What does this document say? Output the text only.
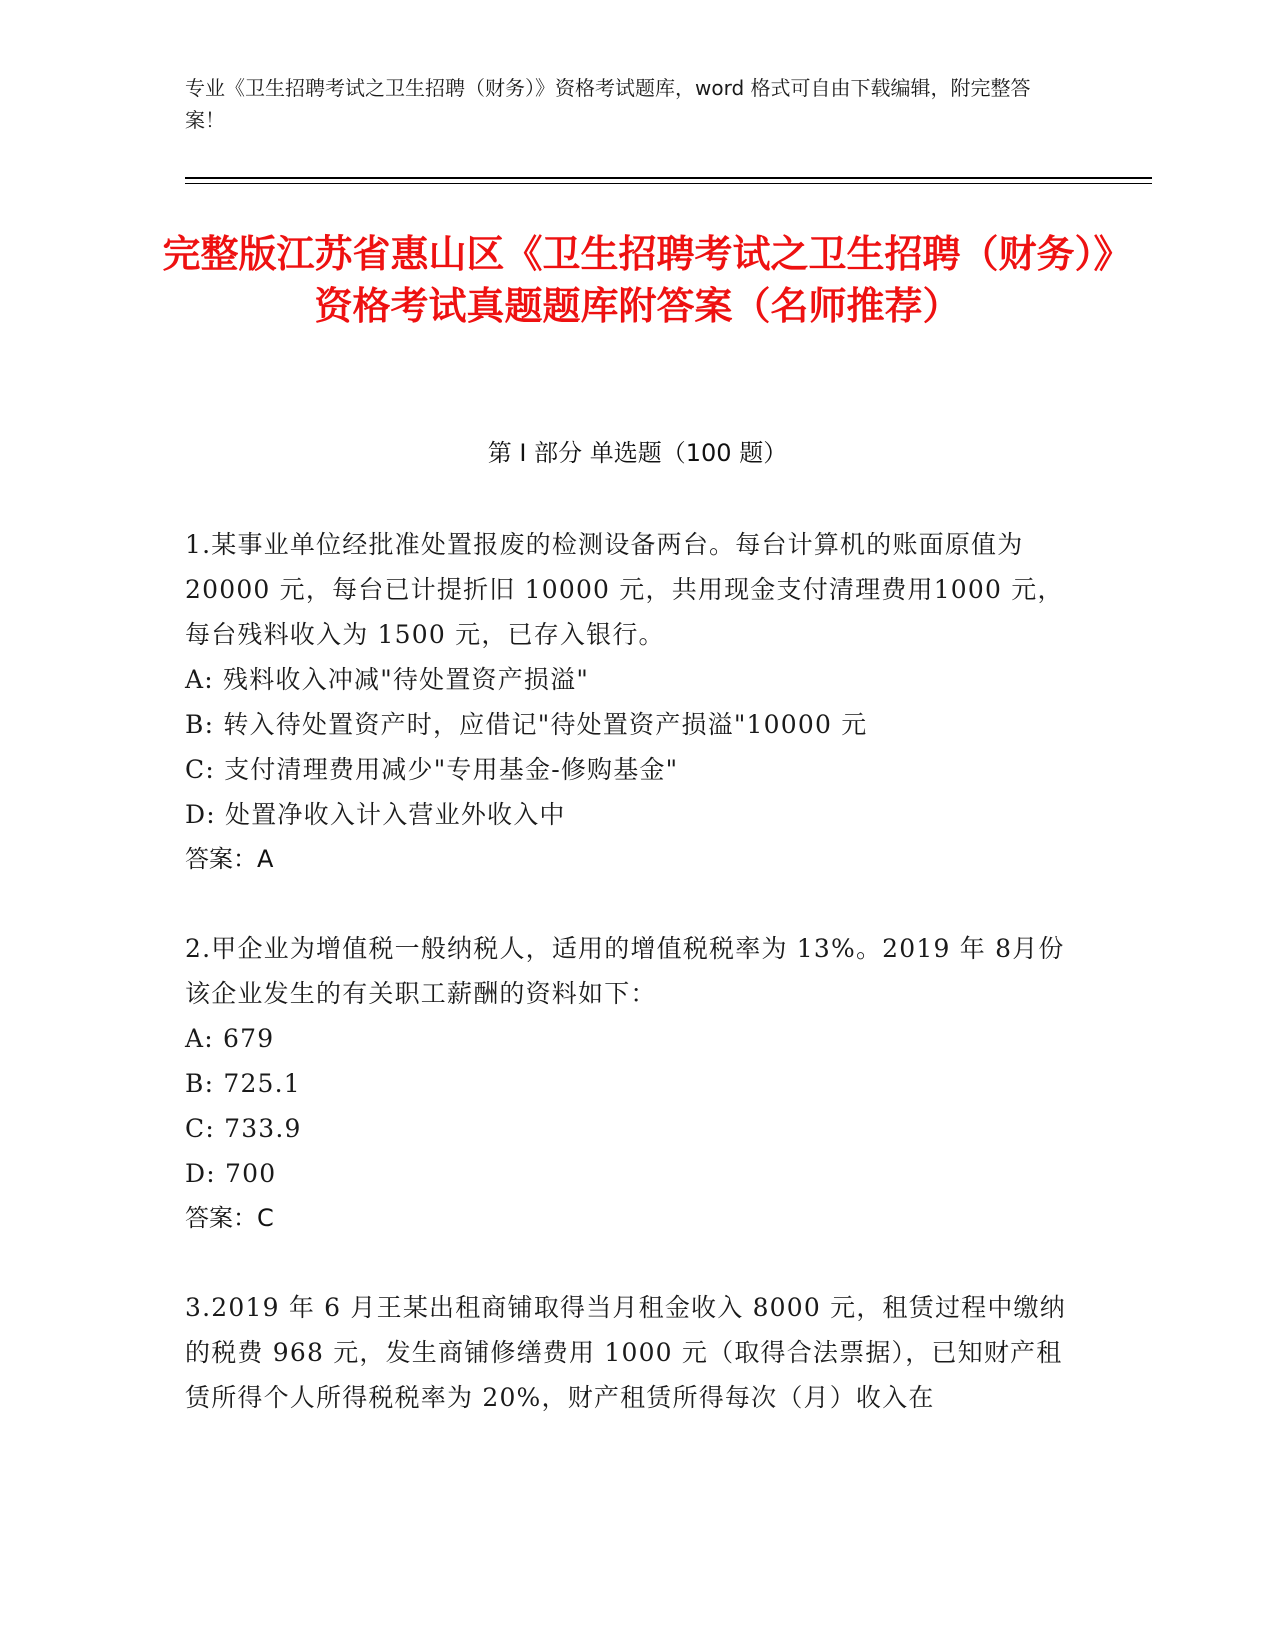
专业《卫生招聘考试之卫生招聘（财务）》资格考试题库，word 格式可自由下载编辑，附完整答案！
完整版江苏省惠山区《卫生招聘考试之卫生招聘（财务）》资格考试真题题库附答案（名师推荐）
第 I 部分 单选题（100 题）
1.某事业单位经批准处置报废的检测设备两台。每台计算机的账面原值为 20000 元，每台已计提折旧 10000 元，共用现金支付清理费用1000 元，每台残料收入为 1500 元，已存入银行。
A: 残料收入冲减"待处置资产损溢"
B: 转入待处置资产时，应借记"待处置资产损溢"10000 元
C: 支付清理费用减少"专用基金-修购基金"
D: 处置净收入计入营业外收入中
答案：A
2.甲企业为增值税一般纳税人，适用的增值税税率为 13%。2019 年 8月份该企业发生的有关职工薪酬的资料如下：
A: 679
B: 725.1
C: 733.9
D: 700
答案：C
3.2019 年 6 月王某出租商铺取得当月租金收入 8000 元，租赁过程中缴纳的税费 968 元，发生商铺修缮费用 1000 元（取得合法票据），已知财产租赁所得个人所得税税率为 20%，财产租赁所得每次（月）收入在
